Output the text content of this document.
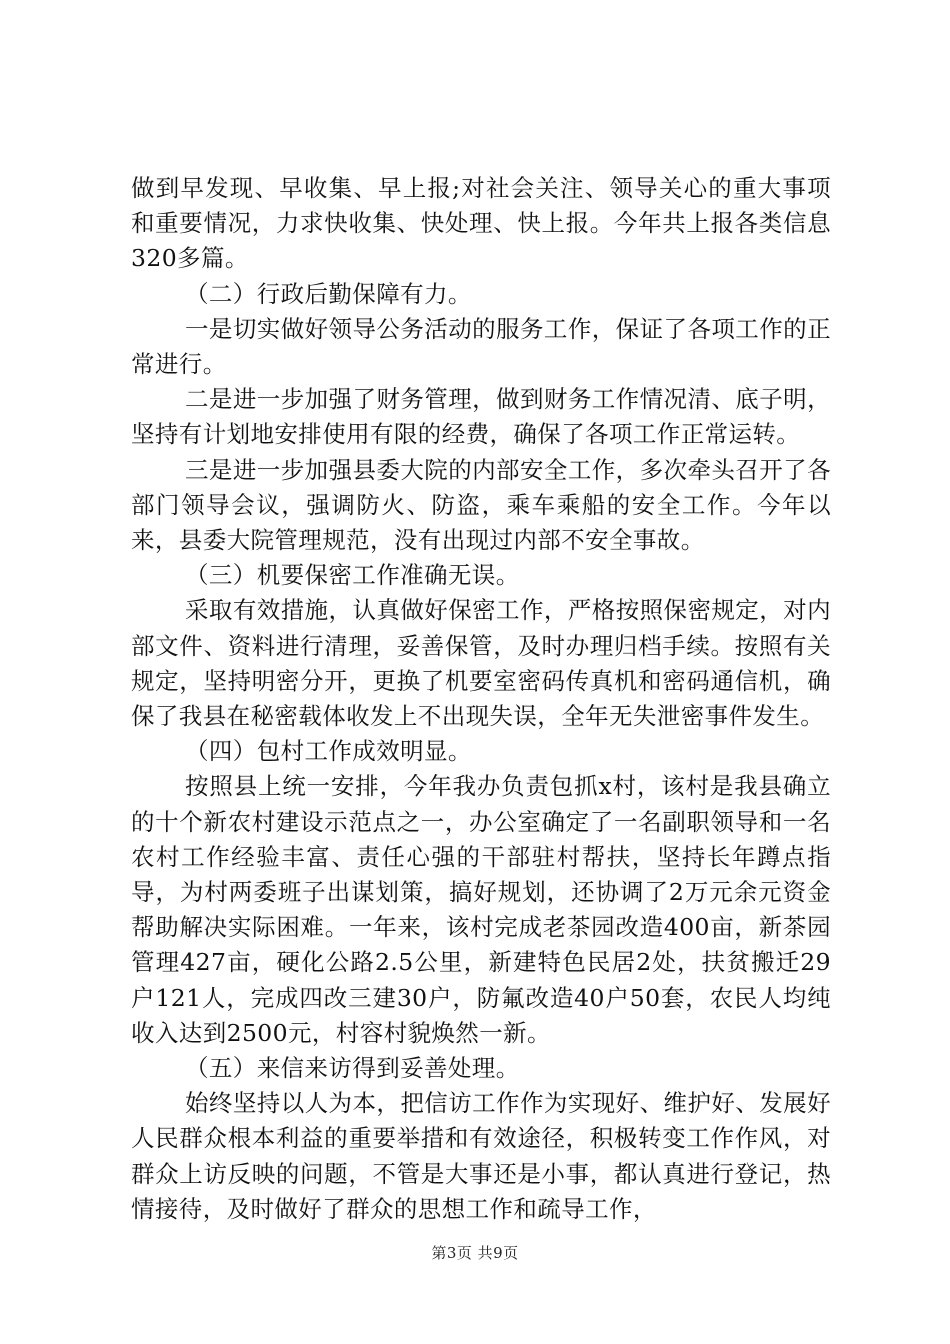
做到早发现、早收集、早上报;对社会关注、领导关心的重大事项和重要情况，力求快收集、快处理、快上报。今年共上报各类信息320多篇。

（二）行政后勤保障有力。

一是切实做好领导公务活动的服务工作，保证了各项工作的正常进行。

二是进一步加强了财务管理，做到财务工作情况清、底子明，坚持有计划地安排使用有限的经费，确保了各项工作正常运转。

三是进一步加强县委大院的内部安全工作，多次牵头召开了各部门领导会议，强调防火、防盗，乘车乘船的安全工作。今年以来，县委大院管理规范，没有出现过内部不安全事故。

（三）机要保密工作准确无误。

采取有效措施，认真做好保密工作，严格按照保密规定，对内部文件、资料进行清理，妥善保管，及时办理归档手续。按照有关规定，坚持明密分开，更换了机要室密码传真机和密码通信机，确保了我县在秘密载体收发上不出现失误，全年无失泄密事件发生。

（四）包村工作成效明显。

按照县上统一安排，今年我办负责包抓x村，该村是我县确立的十个新农村建设示范点之一，办公室确定了一名副职领导和一名农村工作经验丰富、责任心强的干部驻村帮扶，坚持长年蹲点指导，为村两委班子出谋划策，搞好规划，还协调了2万元余元资金帮助解决实际困难。一年来，该村完成老茶园改造400亩，新茶园管理427亩，硬化公路2.5公里，新建特色民居2处，扶贫搬迁29户121人，完成四改三建30户，防氟改造40户50套，农民人均纯收入达到2500元，村容村貌焕然一新。

（五）来信来访得到妥善处理。

始终坚持以人为本，把信访工作作为实现好、维护好、发展好人民群众根本利益的重要举措和有效途径，积极转变工作作风，对群众上访反映的问题，不管是大事还是小事，都认真进行登记，热情接待，及时做好了群众的思想工作和疏导工作，

第3页 共9页
